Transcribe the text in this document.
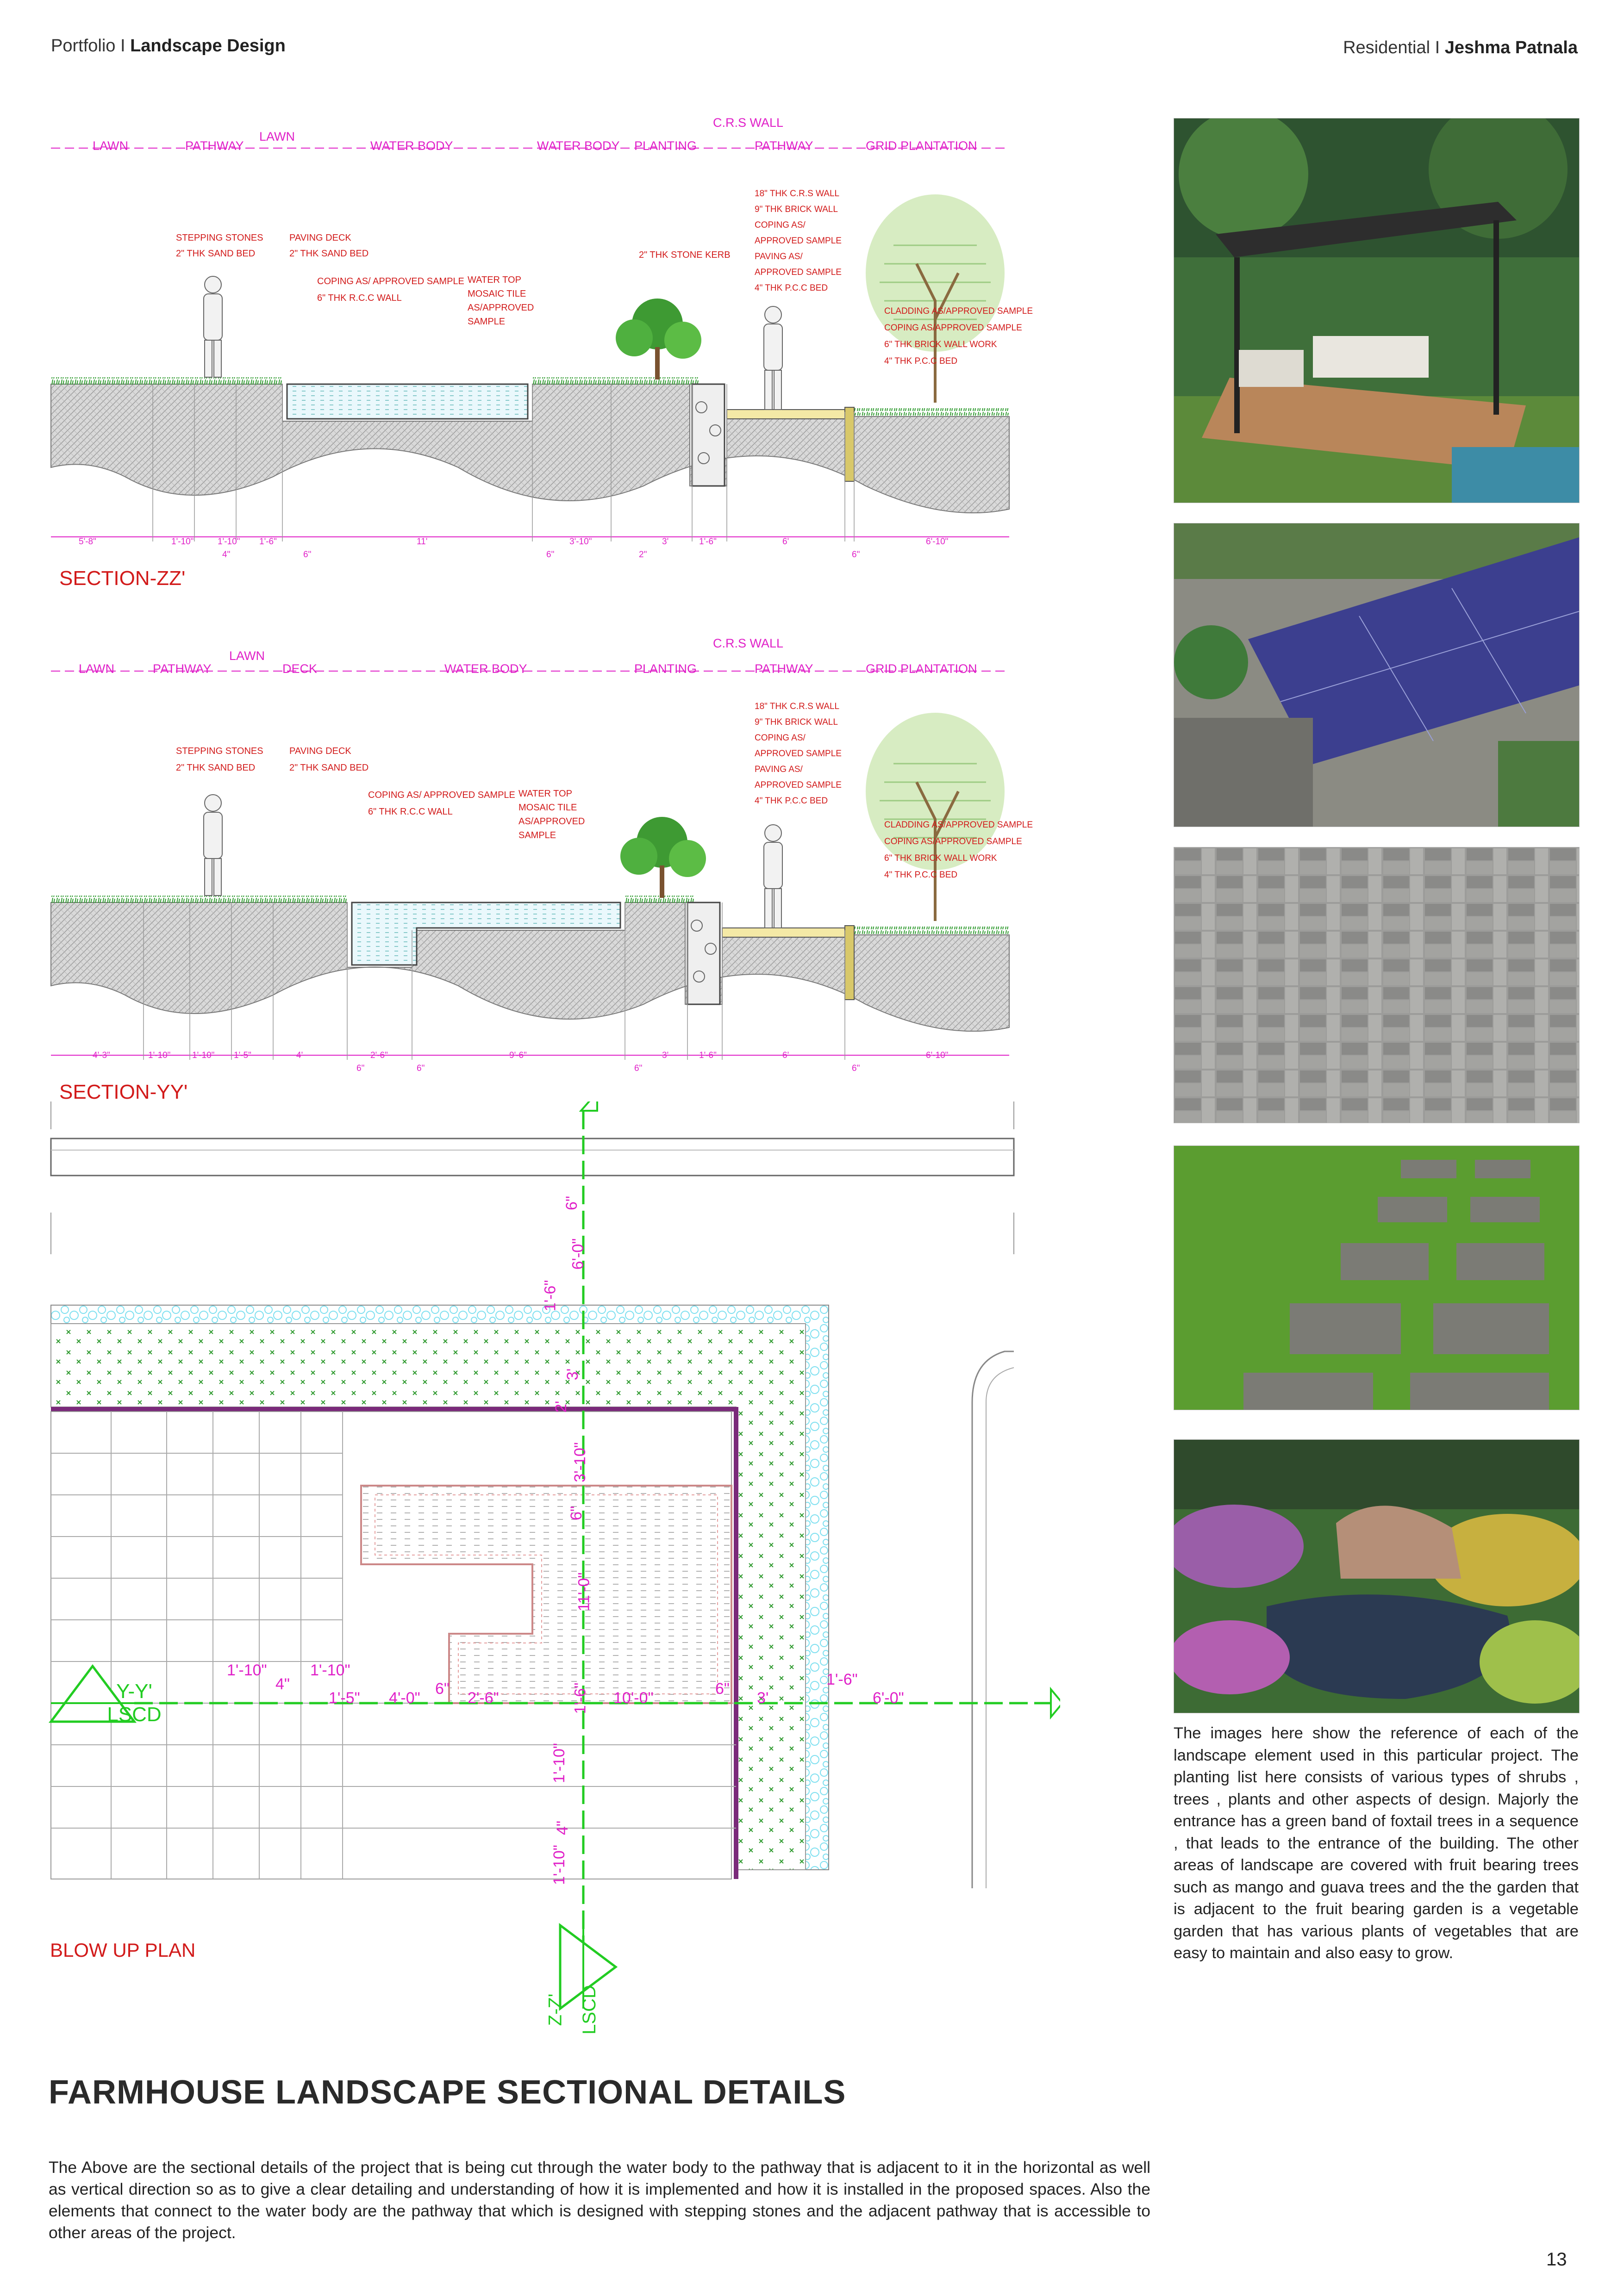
Portfolio I Landscape Design	Residential I Jeshma Patnala
LAWN	PATHWAY
LAWN
WATER BODY	WATER BODY PLANTING
C.R.S WALL
PATHWAY	GRID PLANTATION
STEPPING STONES
2" THK SAND BED
PAVING DECK
2" THK SAND BED
COPING AS/ APPROVED SAMPLE
6" THK R.C.C WALL
WATER TOP
MOSAIC TILE AS/APPROVED SAMPLE
2" THK STONE KERB
18" THK C.R.S WALL
9" THK BRICK WALL
COPING AS/ APPROVED SAMPLE
PAVING AS/ APPROVED SAMPLE
4" THK P.C.C BED
CLADDING AS/APPROVED SAMPLE
COPING AS/APPROVED SAMPLE
6" THK BRICK WALL WORK
4" THK P.C.C BED
5'-8"	1'-10"	1'-10" 1'-6"
4"	6"
11'
6"
3'-10"
2"
3'	1'-6"	6'
6"
6'-10"
SECTION-ZZ'
LAWN	PATHWAY
LAWN
DECK	WATER BODY	PLANTING
C.R.S WALL
PATHWAY	GRID PLANTATION
STEPPING STONES
2" THK SAND BED
PAVING DECK
2" THK SAND BED
COPING AS/ APPROVED SAMPLE
6" THK R.C.C WALL
WATER TOP
MOSAIC TILE AS/APPROVED SAMPLE
18" THK C.R.S WALL
9" THK BRICK WALL
COPING AS/ APPROVED SAMPLE
PAVING AS/ APPROVED SAMPLE
4" THK P.C.C BED
CLADDING AS/APPROVED SAMPLE
COPING AS/APPROVED SAMPLE
6" THK BRICK WALL WORK
4" THK P.C.C BED
4'-3"	1'-10" 1'-10" 1'-5"	4'	2'-6"
6"	6"
9'-6"
6"
3'	1'-6"	6'
6"
6'-10"
SECTION-YY'
Y-Y'
LSCD
Z-Z' LSCD
6"
6'-0"
1'-6"
3'
2'
3'-10"
6"
11'-0"
1'-6"
1'-10"
4"
1'-10"
1'-10"
4"
1'-10"
1'-5" 4'-0"
6"
2'-6"	10'-0"
6"
3'
1'-6"
6'-0"
BLOW UP PLAN
The images here show the reference of each of the landscape element used in this particular project. The planting list here consists of various types of shrubs , trees , plants and other aspects of design. Majorly the entrance has a green band of foxtail trees in a sequence , that leads to the entrance of the building. The other areas of landscape are covered with fruit bearing trees such as mango and guava trees and the the garden that is adjacent to the fruit bearing garden is a vegetable garden that has various plants of vegetables that are easy to maintain and also easy to grow.
FARMHOUSE LANDSCAPE SECTIONAL DETAILS
The Above are the sectional details of the project that is being cut through the water body to the pathway that is adjacent to it in the horizontal as well as vertical direction so as to give a clear detailing and understanding of how it is implemented and how it is installed in the proposed spaces. Also the elements that connect to the water body are the pathway that which is designed with stepping stones and the adjacent pathway that is accessible to other areas of the project.
13
